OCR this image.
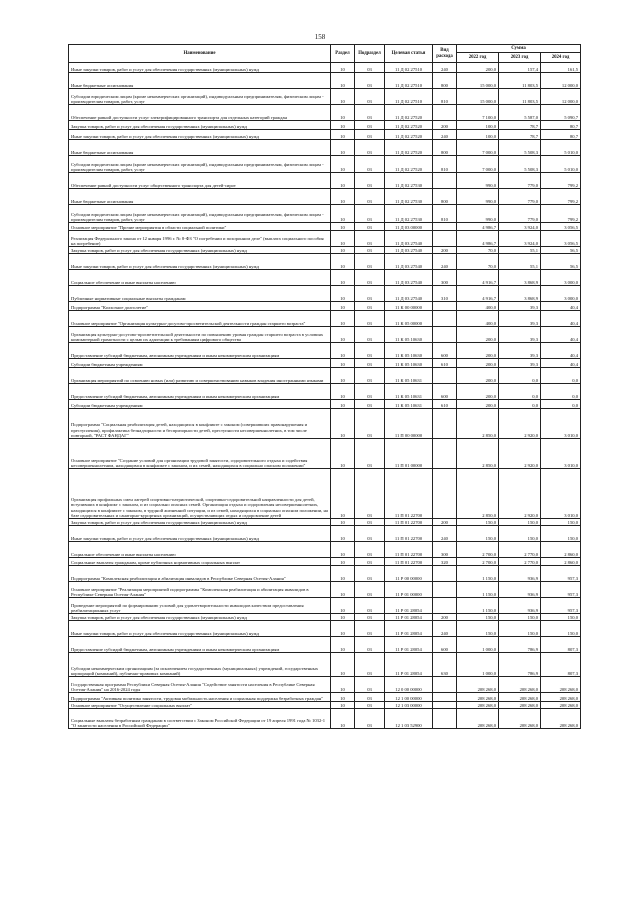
158
Наименование	Раздел	Подраздел	Целевая статья	Вид расхода	Сумма		
					2022 год	2023 год	2024 год
Иные закупки товаров, работ и услуг для обеспечения государственных (муниципальных) нужд	10	03	11 Д 02 27510	240	200,0	157,4	161,5
Иные бюджетные ассигнования	10	03	11 Д 02 27510	800	15 000,0	11 803,5	12 000,0
Субсидии юридическим лицам (кроме некоммерческих организаций), индивидуальным предпринимателям, физическим лицам - производителям товаров, работ, услуг	10	03	11 Д 02 27510	810	15 000,0	11 803,5	12 000,0
Обеспечение равной доступности услуг электрифицированного транспорта для отдельных категорий граждан	10	03	11 Д 02 27520		7 100,0	5 587,0	5 090,7
Закупка товаров, работ и услуг для обеспечения государственных (муниципальных) нужд	10	03	11 Д 02 27520	200	100,0	78,7	80,7
Иные закупки товаров, работ и услуг для обеспечения государственных (муниципальных) нужд	10	03	11 Д 02 27520	240	100,0	78,7	80,7
Иные бюджетные ассигнования	10	03	11 Д 02 27520	800	7 000,0	5 508,3	5 010,0
Субсидии юридическим лицам (кроме некоммерческих организаций), индивидуальным предпринимателям, физическим лицам - производителям товаров, работ, услуг	10	03	11 Д 02 27520	810	7 000,0	5 508,3	5 010,0
Обеспечение равной доступности услуг общественного транспорта для детей-сирот	10	03	11 Д 02 27530		990,0	779,0	799,2
Иные бюджетные ассигнования	10	03	11 Д 02 27530	800	990,0	779,0	799,2
Субсидии юридическим лицам (кроме некоммерческих организаций), индивидуальным предпринимателям, физическим лицам - производителям товаров, работ, услуг	10	03	11 Д 02 27530	810	990,0	779,0	799,2
Основное мероприятие "Прочие мероприятия в области социальной политики"	10	03	11 Д 03 00000		4 986,7	3 924,0	3 056,5
Реализация Федерального закона от 12 января 1996 г. № 8-ФЗ "О погребении и похоронном деле" (выплата социального пособия на погребение)	10	03	11 Д 03 27540		4 986,7	3 924,0	3 056,5
Закупка товаров, работ и услуг для обеспечения государственных (муниципальных) нужд	10	03	11 Д 03 27540	200	70,0	55,1	56,5
Иные закупки товаров, работ и услуг для обеспечения государственных (муниципальных) нужд	10	03	11 Д 03 27540	240	70,0	55,1	56,5
Социальное обеспечение и иные выплаты населению	10	03	11 Д 03 27540	300	4 916,7	3 868,9	3 000,0
Публичные нормативные социальные выплаты гражданам	10	03	11 Д 03 27540	310	4 916,7	3 868,9	3 000,0
Подпрограмма "Колхозное долголетие"	10	03	11 К 00 00000		400,0	39,3	40,4
Основное мероприятие "Организация культурно-досугово-просветительской деятельности граждан старшего возраста"	10	03	11 К 05 00000		400,0	39,3	40,4
Организация культурно-досугово-просветительской деятельности по повышению уровня граждан старшего возраста в условиях компьютерной грамотности с целью их адаптации к требованиям цифрового общества	10	03	11 К 05 10630		200,0	39,3	40,4
Предоставление субсидий бюджетным, автономным учреждениям и иным некоммерческим организациям	10	03	11 К 05 10630	600	200,0	39,3	40,4
Субсидии бюджетным учреждениям	10	03	11 К 05 10630	610	200,0	39,3	40,4
Организация мероприятий по освоению новых (или) развитию и совершенствованию навыков владения иностранными языками	10	03	11 К 05 10631		200,0	0,0	0,0
Предоставление субсидий бюджетным, автономным учреждениям и иным некоммерческим организациям	10	03	11 К 05 10631	600	200,0	0,0	0,0
Субсидии бюджетным учреждениям	10	03	11 К 05 10631	610	200,0	0,0	0,0
Подпрограмма "Социальная реабилитация детей, находящихся в конфликте с законом (совершивших правонарушения и преступления), профилактика безнадзорности и беспризорности детей, преступности несовершеннолетних, в том числе повторной, "РАСТ ФАНДАГ"	10	03	11 П 00 00000		2 850,0	2 920,0	3 010,0
Основное мероприятие "Создание условий для организации трудовой занятости, оздоровительного отдыха и содействия несовершеннолетним, находящимся в конфликте с законом, и их семей, находящихся в социально опасном положении"	10	03	11 П 01 00000		2 850,0	2 920,0	3 010,0
Организация профильных смен лагерей спортивно-патриотической, спортивно-оздоровительной направленности для детей, вступивших в конфликт с законом, и из социально опасных семей. Организация отдыха и оздоровления несовершеннолетних, находящихся в конфликте с законом, в трудной жизненной ситуации, и из семей, находящихся в социально опасном положении, на базе оздоровительных и санаторно-курортных организаций, осуществляющих отдых и оздоровление детей	10	03	11 П 01 22700		2 850,0	2 920,0	3 010,0
Закупка товаров, работ и услуг для обеспечения государственных (муниципальных) нужд	10	03	11 П 01 22700	200	150,0	150,0	150,0
Иные закупки товаров, работ и услуг для обеспечения государственных (муниципальных) нужд	10	03	11 П 01 22700	240	150,0	150,0	150,0
Социальное обеспечение и иные выплаты населению	10	03	11 П 01 22700	300	2 700,0	2 770,0	2 860,0
Социальные выплаты гражданам, кроме публичных нормативных социальных выплат	10	03	11 П 01 22700	320	2 700,0	2 770,0	2 860,0
Подпрограмма "Комплексная реабилитация и абилитация инвалидов в Республике Северная Осетия-Алания"	10	03	11 Р 00 00000		1 150,0	936,9	957,3
Основное мероприятие "Реализация мероприятий подпрограммы "Комплексная реабилитация и абилитация инвалидов в Республике Северная Осетия-Алания"	10	03	11 Р 01 00000		1 150,0	936,9	957,3
Проведение мероприятий по формированию условий для удовлетворительности инвалидов качеством предоставления реабилитационных услуг	10	03	11 Р 01 28054		1 150,0	936,9	957,3
Закупка товаров, работ и услуг для обеспечения государственных (муниципальных) нужд	10	03	11 Р 01 28054	200	150,0	150,0	150,0
Иные закупки товаров, работ и услуг для обеспечения государственных (муниципальных) нужд	10	03	11 Р 01 28054	240	150,0	150,0	150,0
Предоставление субсидий бюджетным, автономным учреждениям и иным некоммерческим организациям	10	03	11 Р 01 28054	600	1 000,0	786,9	807,3
Субсидии некоммерческим организациям (за исключением государственных (муниципальных) учреждений, государственных корпораций (компаний), публично-правовых компаний)	10	03	11 Р 01 28054	630	1 000,0	786,9	807,3
Государственная программа Республики Северная Осетия-Алания "Содействие занятости населения в Республике Северная Осетия-Алания" на 2016-2024 годы	10	03	12 0 00 00000		208 268,0	208 268,0	208 268,0
Подпрограмма "Активная политика занятости, трудовая мобильность населения и социальная поддержка безработных граждан"	10	03	12 1 00 00000		208 268,0	208 268,0	208 268,0
Основное мероприятие "Осуществление социальных выплат"	10	03	12 1 03 00000		208 268,0	208 268,0	208 268,0
Социальные выплаты безработным гражданам в соответствии с Законом Российской Федерации от 19 апреля 1991 года № 1032-1 "О занятости населения в Российской Федерации"	10	03	12 1 03 52900		208 268,0	208 268,0	208 268,0
